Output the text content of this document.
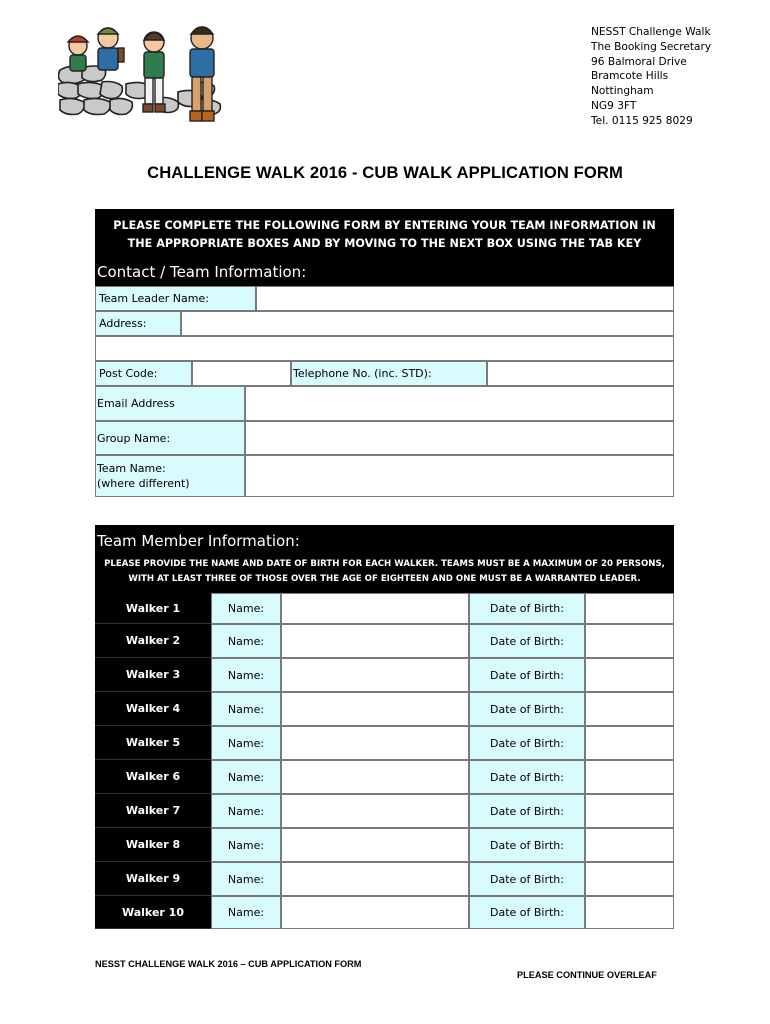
NESST Challenge Walk
The Booking Secretary
96 Balmoral Drive
Bramcote Hills
Nottingham
NG9 3FT
Tel. 0115 925 8029
CHALLENGE WALK 2016 - CUB WALK APPLICATION FORM
PLEASE COMPLETE THE FOLLOWING FORM BY ENTERING YOUR TEAM INFORMATION IN
THE APPROPRIATE BOXES AND BY MOVING TO THE NEXT BOX USING THE TAB KEY
Contact / Team Information:
Team Leader Name:
Address:
Post Code:	Telephone No. (inc. STD):
Email Address
Group Name:
Team Name:
(where different)
Team Member Information:
PLEASE PROVIDE THE NAME AND DATE OF BIRTH FOR EACH WALKER. TEAMS MUST BE A MAXIMUM OF 20 PERSONS,
WITH AT LEAST THREE OF THOSE OVER THE AGE OF EIGHTEEN AND ONE MUST BE A WARRANTED LEADER.
Walker 1	Name:	Date of Birth:
Walker 2	Name:	Date of Birth:
Walker 3	Name:	Date of Birth:
Walker 4	Name:	Date of Birth:
Walker 5	Name:	Date of Birth:
Walker 6	Name:	Date of Birth:
Walker 7	Name:	Date of Birth:
Walker 8	Name:	Date of Birth:
Walker 9	Name:	Date of Birth:
Walker 10	Name:	Date of Birth:
NESST CHALLENGE WALK 2016 – CUB APPLICATION FORM
PLEASE CONTINUE OVERLEAF
